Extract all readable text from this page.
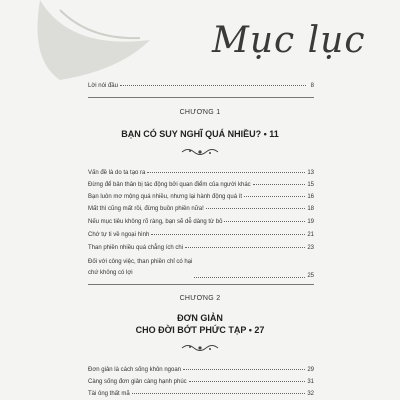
Mục lục
Lời nói đầu	8
CHƯƠNG 1
BẠN CÓ SUY NGHĨ QUÁ NHIỀU? • 11
Vấn đề là do ta tạo ra	13
Đừng để bản thân bị tác động bởi quan điểm của người khác	15
Bạn luôn mơ mộng quá nhiều, nhưng lại hành động quá ít	16
Mất thì cũng mất rồi, đừng buồn phiền nữa!	18
Nếu mục tiêu không rõ ràng, bạn sẽ dễ dàng từ bỏ	19
Chớ tự ti về ngoại hình	21
Than phiền nhiều quá chẳng ích chi	23
Đối với công việc, than phiền chỉ có hại
chứ không có lợi	25
CHƯƠNG 2
ĐƠN GIẢN
CHO ĐỜI BỚT PHỨC TẠP • 27
Đơn giản là cách sống khôn ngoan	29
Càng sống đơn giản càng hạnh phúc	31
Tài ông thất mã	32
